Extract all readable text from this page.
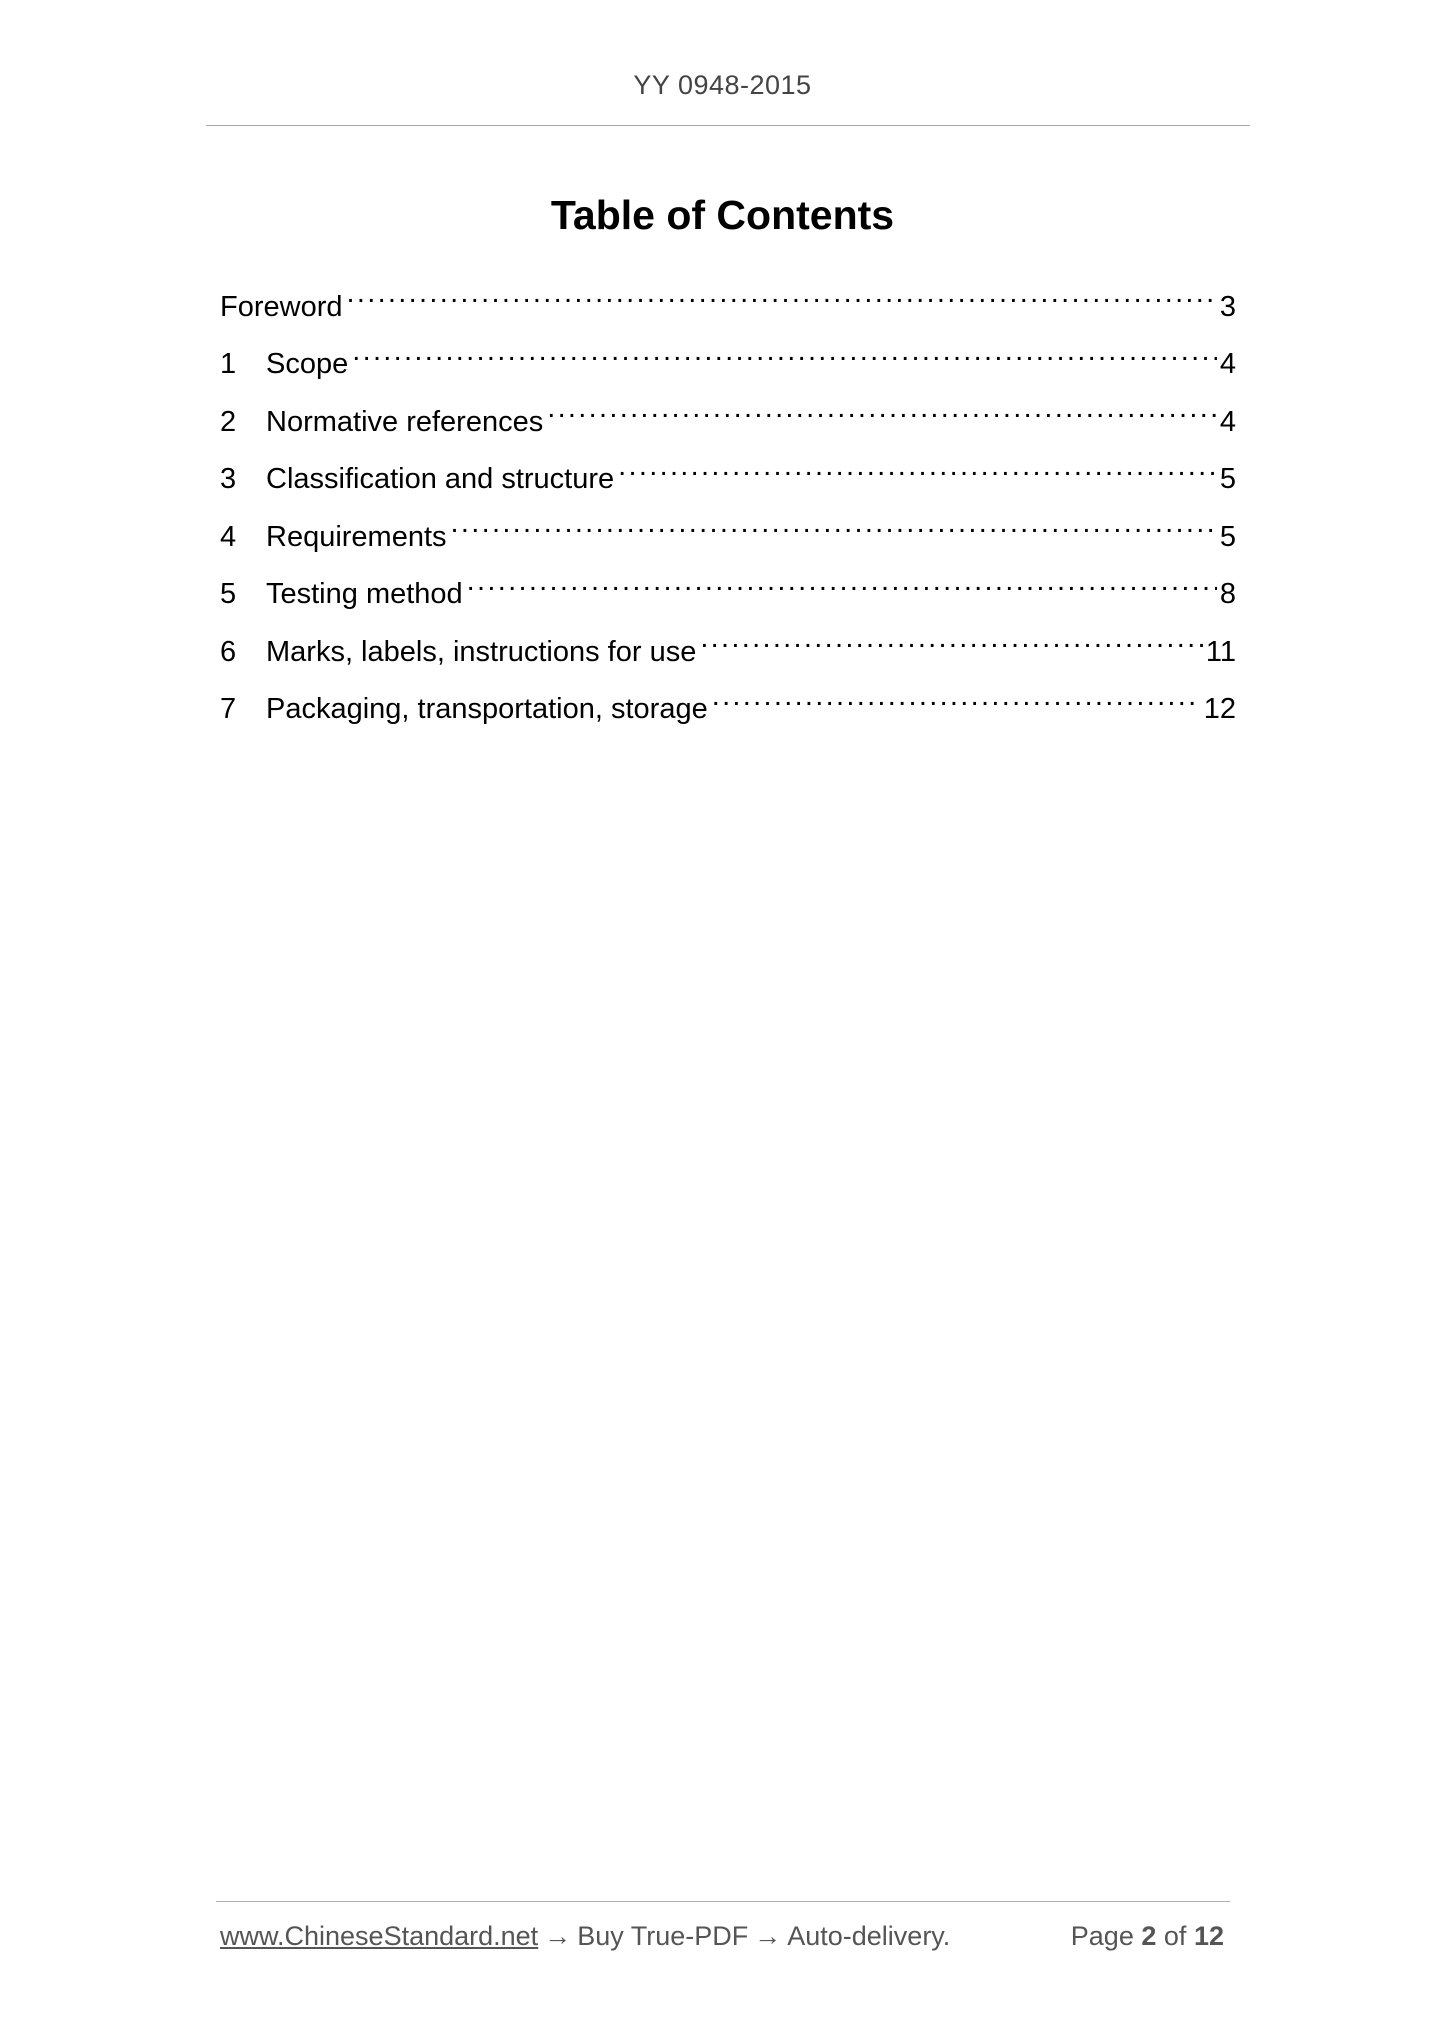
YY 0948-2015
Table of Contents
Foreword .....	3
1	Scope .....	4
2	Normative references .....	4
3	Classification and structure .....	5
4	Requirements .....	5
5	Testing method .....	8
6	Marks, labels, instructions for use .....	11
7	Packaging, transportation, storage .....	12
www.ChineseStandard.net → Buy True-PDF → Auto-delivery.	Page 2 of 12
